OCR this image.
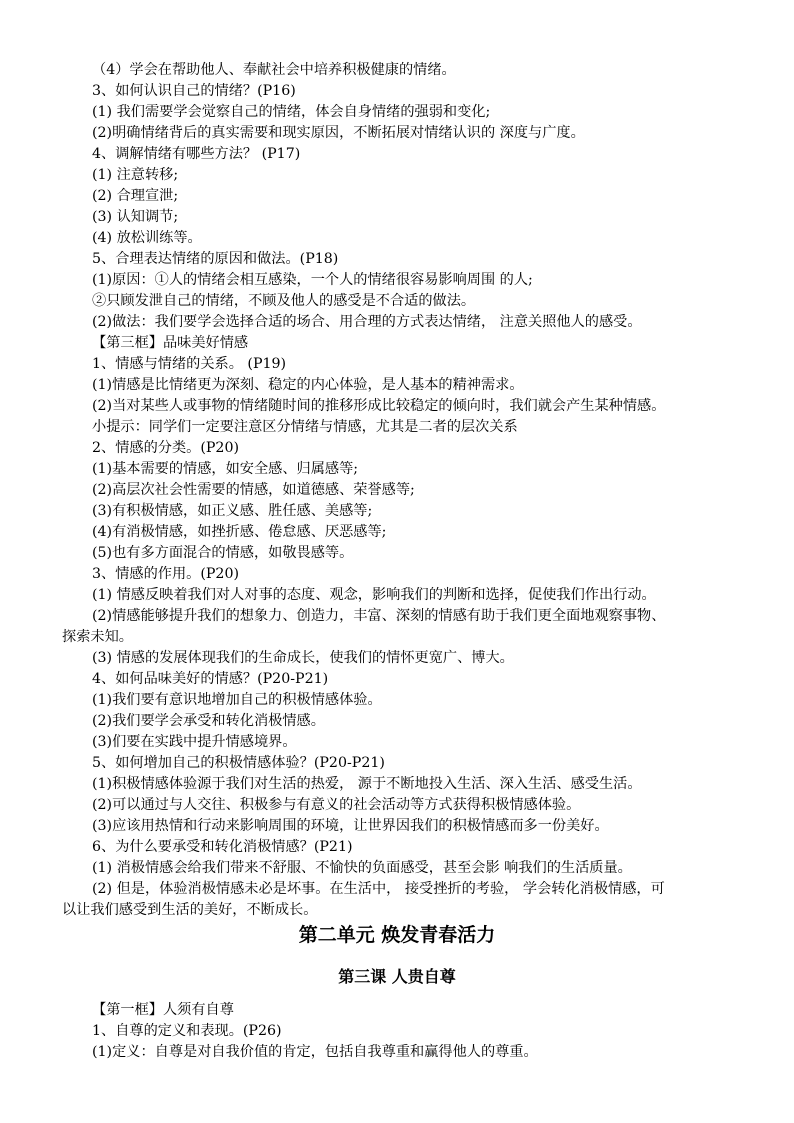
（4）学会在帮助他人、奉献社会中培养积极健康的情绪。
3、如何认识自己的情绪？(P16)
(1) 我们需要学会觉察自己的情绪，体会自身情绪的强弱和变化;
(2)明确情绪背后的真实需要和现实原因，不断拓展对情绪认识的 深度与广度。
4、调解情绪有哪些方法？ (P17)
(1) 注意转移;
(2) 合理宣泄;
(3) 认知调节;
(4) 放松训练等。
5、合理表达情绪的原因和做法。(P18)
(1)原因：①人的情绪会相互感染，一个人的情绪很容易影响周围 的人;
②只顾发泄自己的情绪，不顾及他人的感受是不合适的做法。
(2)做法：我们要学会选择合适的场合、用合理的方式表达情绪， 注意关照他人的感受。
【第三框】品味美好情感
1、情感与情绪的关系。 (P19)
(1)情感是比情绪更为深刻、稳定的内心体验，是人基本的精神需求。
(2)当对某些人或事物的情绪随时间的推移形成比较稳定的倾向时，我们就会产生某种情感。
小提示：同学们一定要注意区分情绪与情感，尤其是二者的层次关系
2、情感的分类。(P20)
(1)基本需要的情感，如安全感、归属感等;
(2)高层次社会性需要的情感，如道德感、荣誉感等;
(3)有积极情感，如正义感、胜任感、美感等;
(4)有消极情感，如挫折感、倦怠感、厌恶感等;
(5)也有多方面混合的情感，如敬畏感等。
3、情感的作用。(P20)
(1) 情感反映着我们对人对事的态度、观念，影响我们的判断和选择，促使我们作出行动。
(2)情感能够提升我们的想象力、创造力，丰富、深刻的情感有助于我们更全面地观察事物、
探索未知。
(3) 情感的发展体现我们的生命成长，使我们的情怀更宽广、博大。
4、如何品味美好的情感？(P20-P21)
(1)我们要有意识地增加自己的积极情感体验。
(2)我们要学会承受和转化消极情感。
(3)们要在实践中提升情感境界。
5、如何增加自己的积极情感体验？(P20-P21)
(1)积极情感体验源于我们对生活的热爱， 源于不断地投入生活、深入生活、感受生活。
(2)可以通过与人交往、积极参与有意义的社会活动等方式获得积极情感体验。
(3)应该用热情和行动来影响周围的环境，让世界因我们的积极情感而多一份美好。
6、为什么要承受和转化消极情感？(P21)
(1) 消极情感会给我们带来不舒服、不愉快的负面感受，甚至会影 响我们的生活质量。
(2) 但是，体验消极情感未必是坏事。在生活中， 接受挫折的考验， 学会转化消极情感，可
以让我们感受到生活的美好，不断成长。
第二单元 焕发青春活力
第三课 人贵自尊
【第一框】人须有自尊
1、自尊的定义和表现。(P26)
(1)定义：自尊是对自我价值的肯定，包括自我尊重和赢得他人的尊重。
